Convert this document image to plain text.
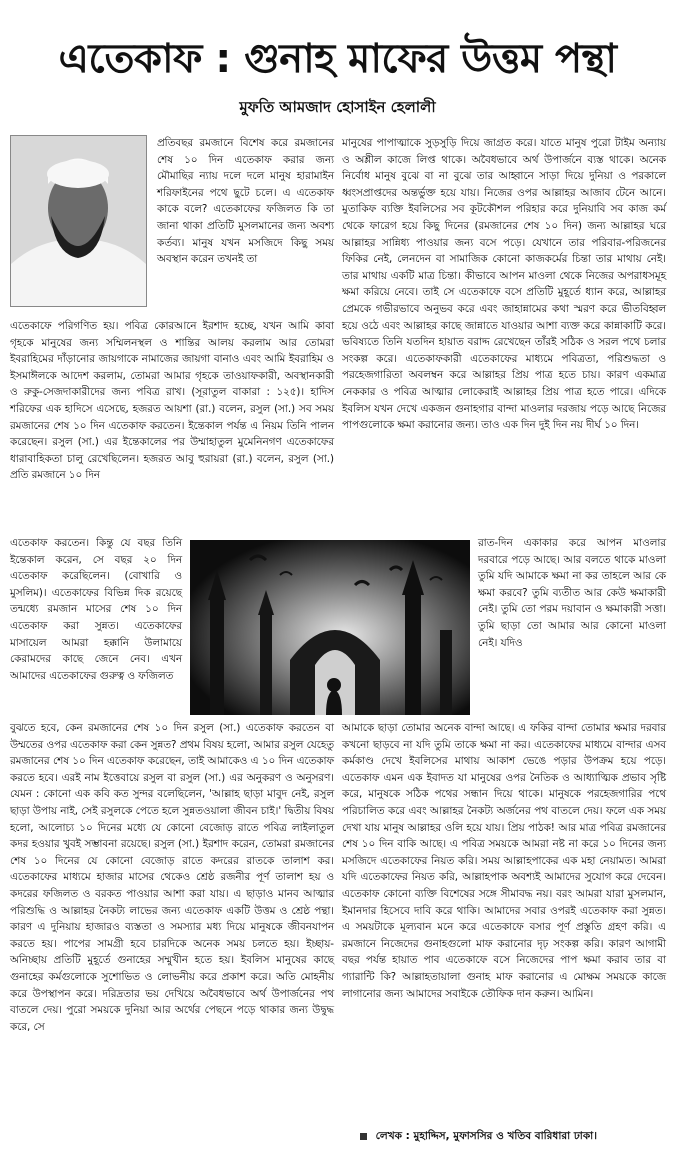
এতেকাফ : গুনাহ মাফের উত্তম পন্থা
মুফতি আমজাদ হোসাইন হেলালী

প্রতিবছর রমজানে বিশেষ করে রমজানের শেষ ১০ দিন এতেকাফ করার জন্য মৌমাছির ন্যায় দলে দলে মানুষ হারামাইন শরিফাইনের পথে ছুটে চলে। এ এতেকাফ কাকে বলে? এতেকাফের ফজিলত কি তা জানা থাকা প্রতিটি মুসলমানের জন্য অবশ্য কর্তব্য। মানুষ যখন মসজিদে কিছু সময় অবস্থান করেন তখনই তা

এতেকাফে পরিগণিত হয়। পবিত্র কোরআনে ইরশাদ হচ্ছে, যখন আমি কাবা গৃহকে মানুষের জন্য সম্মিলনস্থল ও শান্তির আলয় করলাম আর তোমরা ইবরাহিমের দাঁড়ানোর জায়গাকে নামাজের জায়গা বানাও এবং আমি ইবরাহিম ও ইসমাঈলকে আদেশ করলাম, তোমরা আমার গৃহকে তাওয়াফকারী, অবস্থানকারী ও রুকু-সেজদাকারীদের জন্য পবিত্র রাখ। (সূরাতুল বাকারা : ১২৫)। হাদিস শরিফের এক হাদিসে এসেছে, হজরত আয়শা (রা.) বলেন, রসুল (সা.) সব সময় রমজানের শেষ ১০ দিন এতেকাফ করতেন। ইন্তেকাল পর্যন্ত এ নিয়ম তিনি পালন করেছেন। রসুল (সা.) এর ইন্তেকালের পর উম্মাহাতুল মুমেনিনগণ এতেকাফের ধারাবাহিকতা চালু রেখেছিলেন। হজরত আবু হুরায়রা (রা.) বলেন, রসুল (সা.) প্রতি রমজানে ১০ দিন

এতেকাফ করতেন। কিন্তু যে বছর তিনি ইন্তেকাল করেন, সে বছর ২০ দিন এতেকাফ করেছিলেন। (বোখারি ও মুসলিম)। এতেকাফের বিভিন্ন দিক রয়েছে তন্মধ্যে রমজান মাসের শেষ ১০ দিন এতেকাফ করা সুন্নত। এতেকাফের মাসায়েল আমরা হক্কানি উলামায়ে কেরামদের কাছে জেনে নেব। এখন আমাদের এতেকাফের গুরুত্ব ও ফজিলত

বুঝতে হবে, কেন রমজানের শেষ ১০ দিন রসুল (সা.) এতেকাফ করতেন বা উম্মতের ওপর এতেকাফ করা কেন সুন্নত? প্রথম বিষয় হলো, আমার রসুল যেহেতু রমজানের শেষ ১০ দিন এতেকাফ করেছেন, তাই আমাকেও এ ১০ দিন এতেকাফ করতে হবে। এরই নাম ইত্তেবায়ে রসুল বা রসুল (সা.) এর অনুকরণ ও অনুসরণ। যেমন : কোনো এক কবি কত সুন্দর বলেছিলেন, 'আল্লাহ ছাড়া মাবুদ নেই, রসুল ছাড়া উপায় নাই, সেই রসুলকে পেতে হলে সুন্নতওয়ালা জীবন চাই।' দ্বিতীয় বিষয় হলো, আলোচ্য ১০ দিনের মধ্যে যে কোনো বেজোড় রাতে পবিত্র লাইলাতুল কদর হওয়ার খুবই সম্ভাবনা রয়েছে। রসুল (সা.) ইরশাদ করেন, তোমরা রমজানের শেষ ১০ দিনের যে কোনো বেজোড় রাতে কদরের রাতকে তালাশ কর। এতেকাফের মাধ্যমে হাজার মাসের থেকেও শ্রেষ্ঠ রজনীর পূর্ণ তালাশ হয় ও কদরের ফজিলত ও বরকত পাওয়ার আশা করা যায়। এ ছাড়াও মানব আত্মার পরিশুদ্ধি ও আল্লাহর নৈকট্য লাভের জন্য এতেকাফ একটি উত্তম ও শ্রেষ্ঠ পন্থা। কারণ এ দুনিয়ায় হাজারও ব্যস্ততা ও সমস্যার মধ্য দিয়ে মানুষকে জীবনযাপন করতে হয়। পাপের সামগ্রী হবে চারদিকে অনেক সময় চলতে হয়। ইচ্ছায়-অনিচ্ছায় প্রতিটি মুহূর্তে গুনাহের সম্মুখীন হতে হয়। ইবলিস মানুষের কাছে গুনাহের কর্মগুলোকে সুশোভিত ও লোভনীয় করে প্রকাশ করে। অতি মোহনীয় করে উপস্থাপন করে। দরিদ্রতার ভয় দেখিয়ে অবৈধভাবে অর্থ উপার্জনের পথ বাতলে দেয়। পুরো সময়কে দুনিয়া আর অর্থের পেছনে পড়ে থাকার জন্য উদ্বুদ্ধ করে, সে

মানুষের পাপাত্মাকে সুড়সুড়ি দিয়ে জাগ্রত করে। যাতে মানুষ পুরো টাইম অন্যায় ও অশ্লীল কাজে লিপ্ত থাকে। অবৈধভাবে অর্থ উপার্জনে ব্যস্ত থাকে। অনেক নির্বোধ মানুষ বুঝে বা না বুঝে তার আহ্বানে সাড়া দিয়ে দুনিয়া ও পরকালে ধ্বংসপ্রাপ্তদের অন্তর্ভুক্ত হয়ে যায়। নিজের ওপর আল্লাহর আজাব টেনে আনে। মুতাকিফ ব্যক্তি ইবলিসের সব কূটকৌশল পরিহার করে দুনিয়াবি সব কাজ কর্ম থেকে ফারেগ হয়ে কিছু দিনের (রমজানের শেষ ১০ দিন) জন্য আল্লাহর ঘরে আল্লাহর সান্নিধ্য পাওয়ার জন্য বসে পড়ে। যেখানে তার পরিবার-পরিজনের ফিকির নেই, লেনদেন বা সামাজিক কোনো কাজকর্মের চিন্তা তার মাথায় নেই। তার মাথায় একটি মাত্র চিন্তা। কীভাবে আপন মাওলা থেকে নিজের অপরাধসমূহ ক্ষমা করিয়ে নেবে। তাই সে এতেকাফে বসে প্রতিটি মুহূর্তে ধ্যান করে, আল্লাহর প্রেমকে গভীরভাবে অনুভব করে এবং জাহান্নামের কথা স্মরণ করে ভীতবিহ্বল হয়ে ওঠে এবং আল্লাহর কাছে জান্নাতে যাওয়ার আশা ব্যক্ত করে কান্নাকাটি করে। ভবিষ্যতে তিনি যতদিন হায়াত বরাদ্দ রেখেছেন তাঁরই সঠিক ও সরল পথে চলার সংকল্প করে। এতেকাফকারী এতেকাফের মাধ্যমে পবিত্রতা, পরিশুদ্ধতা ও পরহেজগারিতা অবলম্বন করে আল্লাহর প্রিয় পাত্র হতে চায়। কারণ একমাত্র নেককার ও পবিত্র আত্মার লোকেরাই আল্লাহর প্রিয় পাত্র হতে পারে। এদিকে ইবলিস যখন দেখে একজন গুনাহগার বান্দা মাওলার দরজায় পড়ে আছে নিজের পাপগুলোকে ক্ষমা করানোর জন্য। তাও এক দিন দুই দিন নয় দীর্ঘ ১০ দিন।

রাত-দিন একাকার করে আপন মাওলার দরবারে পড়ে আছে। আর বলতে থাকে মাওলা তুমি যদি আমাকে ক্ষমা না কর তাহলে আর কে ক্ষমা করবে? তুমি ব্যতীত আর কেউ ক্ষমাকারী নেই। তুমি তো পরম দয়াবান ও ক্ষমাকারী সত্তা। তুমি ছাড়া তো আমার আর কোনো মাওলা নেই। যদিও

আমাকে ছাড়া তোমার অনেক বান্দা আছে। এ ফকির বান্দা তোমার ক্ষমার দরবার কখনো ছাড়বে না যদি তুমি তাকে ক্ষমা না কর। এতেকাফের মাধ্যমে বান্দার এসব কর্মকাণ্ড দেখে ইবলিসের মাথায় আকাশ ভেঙে পড়ার উপক্রম হয়ে পড়ে। এতেকাফ এমন এক ইবাদত যা মানুষের ওপর নৈতিক ও আধ্যাত্মিক প্রভাব সৃষ্টি করে, মানুষকে সঠিক পথের সন্ধান দিয়ে থাকে। মানুষকে পরহেজগারির পথে পরিচালিত করে এবং আল্লাহর নৈকট্য অর্জনের পথ বাতলে দেয়। ফলে এক সময় দেখা যায় মানুষ আল্লাহর ওলি হয়ে যায়। প্রিয় পাঠক! আর মাত্র পবিত্র রমজানের শেষ ১০ দিন বাকি আছে। এ পবিত্র সময়কে আমরা নষ্ট না করে ১০ দিনের জন্য মসজিদে এতেকাফের নিয়ত করি। সময় আল্লাহপাকের এক মহা নেয়ামত। আমরা যদি এতেকাফের নিয়ত করি, আল্লাহপাক অবশ্যই আমাদের সুযোগ করে দেবেন। এতেকাফ কোনো ব্যক্তি বিশেষের সঙ্গে সীমাবদ্ধ নয়। বরং আমরা যারা মুসলমান, ইমানদার হিসেবে দাবি করে থাকি। আমাদের সবার ওপরই এতেকাফ করা সুন্নত। এ সময়টাকে মূল্যবান মনে করে এতেকাফে বসার পূর্ণ প্রস্তুতি গ্রহণ করি। এ রমজানে নিজেদের গুনাহগুলো মাফ করানোর দৃঢ় সংকল্প করি। কারণ আগামী বছর পর্যন্ত হায়াত পাব এতেকাফে বসে নিজেদের পাপ ক্ষমা করাব তার বা গ্যারান্টি কি? আল্লাহতায়ালা গুনাহ মাফ করানোর এ মোক্ষম সময়কে কাজে লাগানোর জন্য আমাদের সবাইকে তৌফিক দান করুন। আমিন।

লেখক : মুহাদ্দিস, মুফাসসির ও খতিব বারিধারা ঢাকা।
